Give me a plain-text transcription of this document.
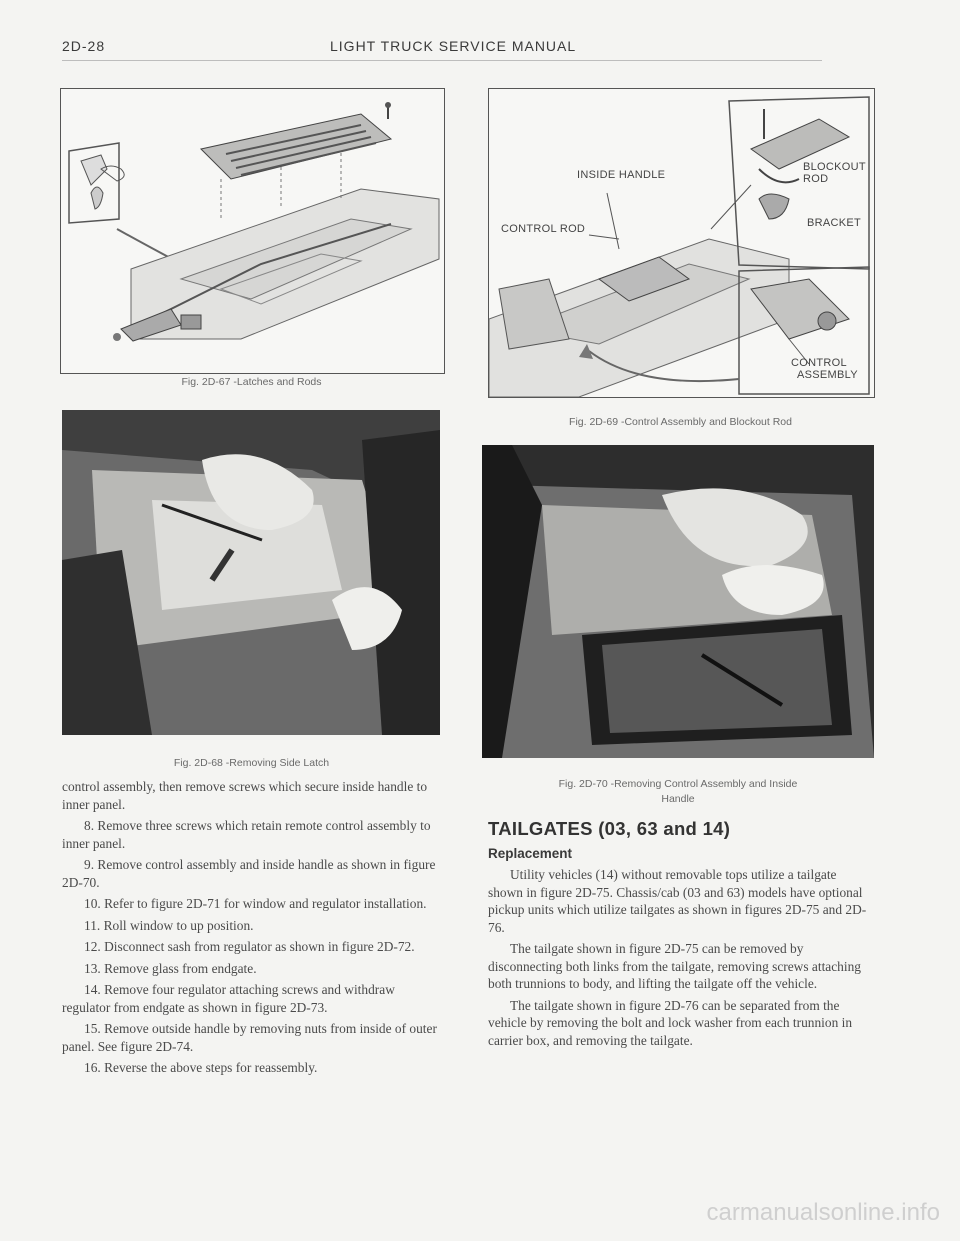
2D-28	LIGHT TRUCK SERVICE MANUAL
Fig. 2D-67 -Latches and Rods
Fig. 2D-68 -Removing Side Latch

control assembly, then remove screws which secure inside handle to inner panel.

8. Remove three screws which retain remote control assembly to inner panel.

9. Remove control assembly and inside handle as shown in figure 2D-70.

10. Refer to figure 2D-71 for window and regulator installation.

11. Roll window to up position.

12. Disconnect sash from regulator as shown in figure 2D-72.

13. Remove glass from endgate.

14. Remove four regulator attaching screws and withdraw regulator from endgate as shown in figure 2D-73.

15. Remove outside handle by removing nuts from inside of outer panel. See figure 2D-74.

16. Reverse the above steps for reassembly.

INSIDE HANDLE
CONTROL ROD
BLOCKOUT
ROD
BRACKET
CONTROL
ASSEMBLY
Fig. 2D-69 -Control Assembly and Blockout Rod
Fig. 2D-70 -Removing Control Assembly and Inside
Handle
TAILGATES (03, 63 and 14)
Replacement

Utility vehicles (14) without removable tops utilize a tailgate shown in figure 2D-75. Chassis/cab (03 and 63) models have optional pickup units which utilize tailgates as shown in figures 2D-75 and 2D-76.

The tailgate shown in figure 2D-75 can be removed by disconnecting both links from the tailgate, removing screws attaching both trunnions to body, and lifting the tailgate off the vehicle.

The tailgate shown in figure 2D-76 can be separated from the vehicle by removing the bolt and lock washer from each trunnion in carrier box, and removing the tailgate.

carmanualsonline.info
